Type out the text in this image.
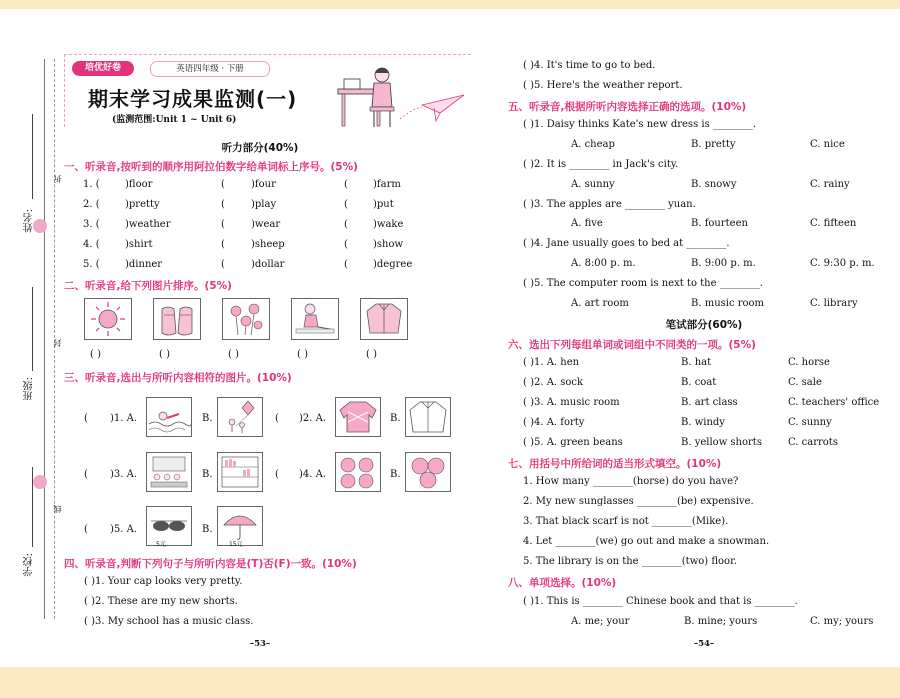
姓名:
班级:
学校:
折
封
线
培优好卷	英语四年级 · 下册
期末学习成果监测(一)
(监测范围:Unit 1 ~ Unit 6)
听力部分(40%)
一、听录音,按听到的顺序用阿拉伯数字给单词标上序号。(5%)
1. (	)floor	(	)four	(	)farm
2. (	)pretty	(	)play	(	)put
3. (	)weather	(	)wear	(	)wake
4. (	)shirt	(	)sheep	(	)show
5. (	)dinner	(	)dollar	(	)degree
二、听录音,给下列图片排序。(5%)
( )	( )	( )	( )	( )
三、听录音,选出与所听内容相符的图片。(10%)
( )1. A.	B.	( )2. A.	B.
( )3. A.	B.	( )4. A.	B.
( )5. A.
5元
B.
15元
四、听录音,判断下列句子与所听内容是(T)否(F)一致。(10%)
( )1. Your cap looks very pretty.
( )2. These are my new shorts.
( )3. My school has a music class.
–53–
( )4. It's time to go to bed.
( )5. Here's the weather report.
五、听录音,根据所听内容选择正确的选项。(10%)
( )1. Daisy thinks Kate's new dress is ________.
A. cheap	B. pretty	C. nice
( )2. It is ________ in Jack's city.
A. sunny	B. snowy	C. rainy
( )3. The apples are ________ yuan.
A. five	B. fourteen	C. fifteen
( )4. Jane usually goes to bed at ________.
A. 8:00 p. m.	B. 9:00 p. m.	C. 9:30 p. m.
( )5. The computer room is next to the ________.
A. art room	B. music room	C. library
笔试部分(60%)
六、选出下列每组单词或词组中不同类的一项。(5%)
( )1. A. hen	B. hat	C. horse
( )2. A. sock	B. coat	C. sale
( )3. A. music room	B. art class	C. teachers' office
( )4. A. forty	B. windy	C. sunny
( )5. A. green beans	B. yellow shorts	C. carrots
七、用括号中所给词的适当形式填空。(10%)
1. How many ________(horse) do you have?
2. My new sunglasses ________(be) expensive.
3. That black scarf is not ________(Mike).
4. Let ________(we) go out and make a snowman.
5. The library is on the ________(two) floor.
八、单项选择。(10%)
( )1. This is ________ Chinese book and that is ________.
A. me; your	B. mine; yours	C. my; yours
–54–
